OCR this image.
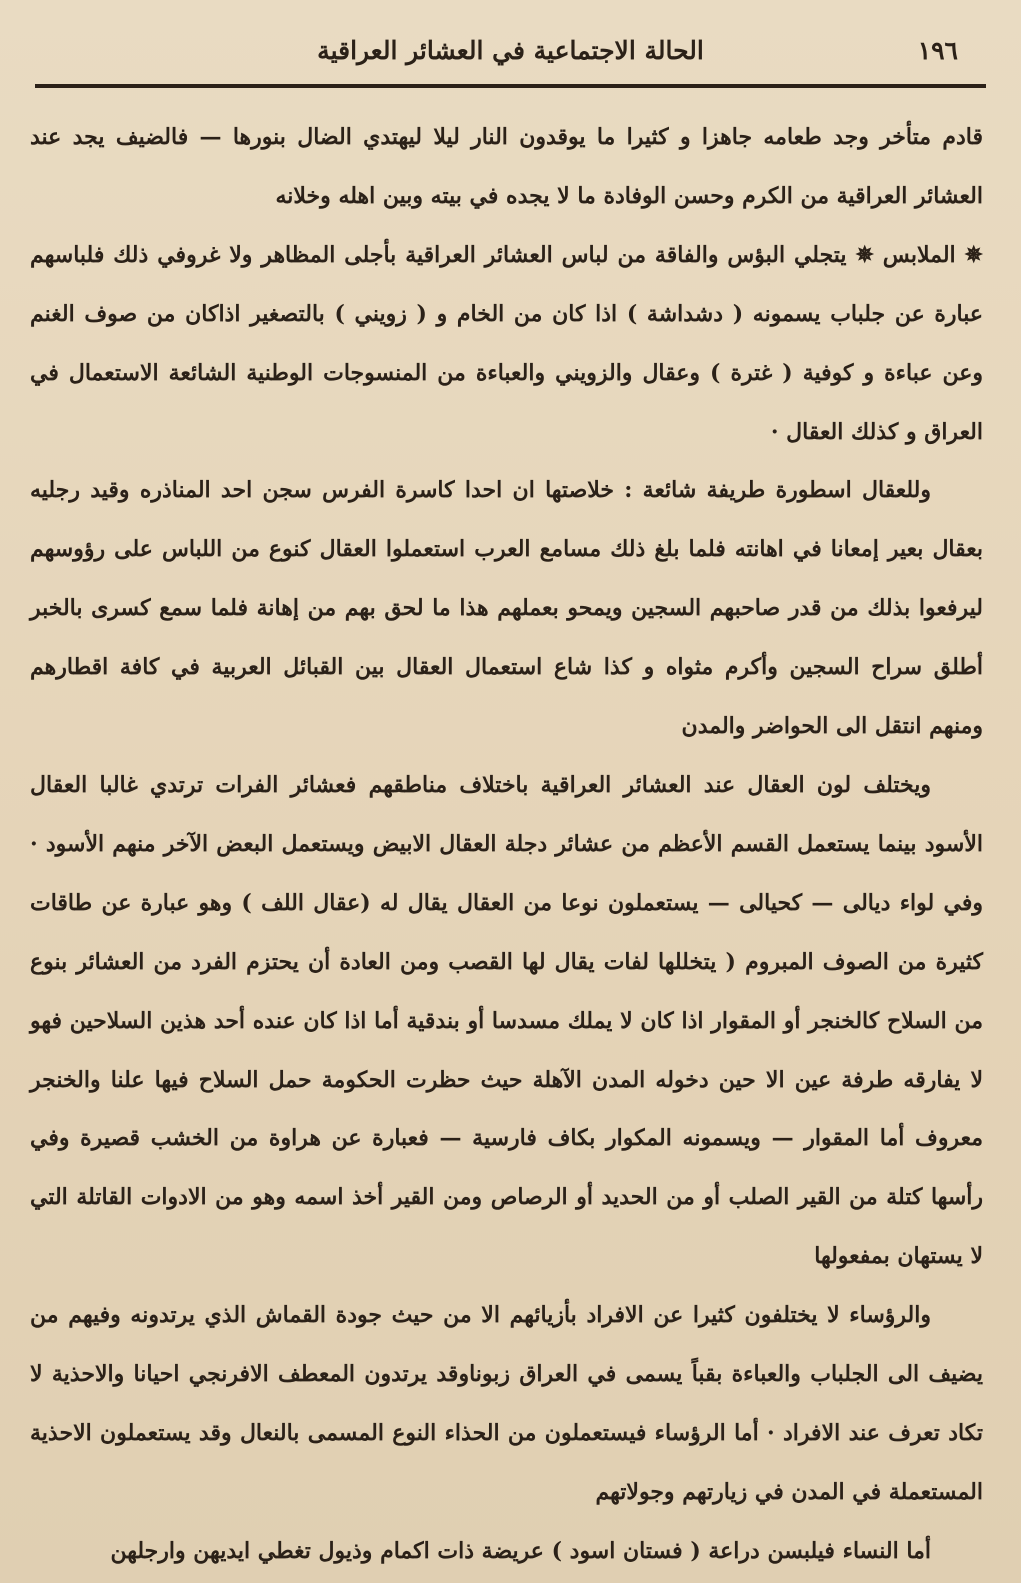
١٩٦
الحالة الاجتماعية في العشائر العراقية

قادم متأخر وجد طعامه جاهزا و كثيرا ما يوقدون النار ليلا ليهتدي الضال بنورها — فالضيف يجد عند العشائر العراقية من الكرم وحسن الوفادة ما لا يجده في بيته وبين اهله وخلانه

✵ الملابس ✵ يتجلي البؤس والفاقة من لباس العشائر العراقية بأجلى المظاهر ولا غروفي ذلك فلباسهم عبارة عن جلباب يسمونه ( دشداشة ) اذا كان من الخام و ( زويني ) بالتصغير اذاكان من صوف الغنم وعن عباءة و كوفية ( غترة ) وعقال والزويني والعباءة من المنسوجات الوطنية الشائعة الاستعمال في العراق و كذلك العقال ·

وللعقال اسطورة طريفة شائعة : خلاصتها ان احدا كاسرة الفرس سجن احد المناذره وقيد رجليه بعقال بعير إمعانا في اهانته فلما بلغ ذلك مسامع العرب استعملوا العقال كنوع من اللباس على رؤوسهم ليرفعوا بذلك من قدر صاحبهم السجين ويمحو بعملهم هذا ما لحق بهم من إهانة فلما سمع كسرى بالخبر أطلق سراح السجين وأكرم مثواه و كذا شاع استعمال العقال بين القبائل العربية في كافة اقطارهم ومنهم انتقل الى الحواضر والمدن

ويختلف لون العقال عند العشائر العراقية باختلاف مناطقهم فعشائر الفرات ترتدي غالبا العقال الأسود بينما يستعمل القسم الأعظم من عشائر دجلة العقال الابيض ويستعمل البعض الآخر منهم الأسود · وفي لواء ديالى — كحيالى — يستعملون نوعا من العقال يقال له (عقال اللف ) وهو عبارة عن طاقات كثيرة من الصوف المبروم ( يتخللها لفات يقال لها القصب ومن العادة أن يحتزم الفرد من العشائر بنوع من السلاح كالخنجر أو المقوار اذا كان لا يملك مسدسا أو بندقية أما اذا كان عنده أحد هذين السلاحين فهو لا يفارقه طرفة عين الا حين دخوله المدن الآهلة حيث حظرت الحكومة حمل السلاح فيها علنا والخنجر معروف أما المقوار — ويسمونه المكوار بكاف فارسية — فعبارة عن هراوة من الخشب قصيرة وفي رأسها كتلة من القير الصلب أو من الحديد أو الرصاص ومن القير أخذ اسمه وهو من الادوات القاتلة التي لا يستهان بمفعولها

والرؤساء لا يختلفون كثيرا عن الافراد بأزيائهم الا من حيث جودة القماش الذي يرتدونه وفيهم من يضيف الى الجلباب والعباءة بقباً يسمى في العراق زبوناوقد يرتدون المعطف الافرنجي احيانا والاحذية لا تكاد تعرف عند الافراد · أما الرؤساء فيستعملون من الحذاء النوع المسمى بالنعال وقد يستعملون الاحذية المستعملة في المدن في زيارتهم وجولاتهم

أما النساء فيلبسن دراعة ( فستان اسود ) عريضة ذات اكمام وذيول تغطي ايديهن وارجلهن
